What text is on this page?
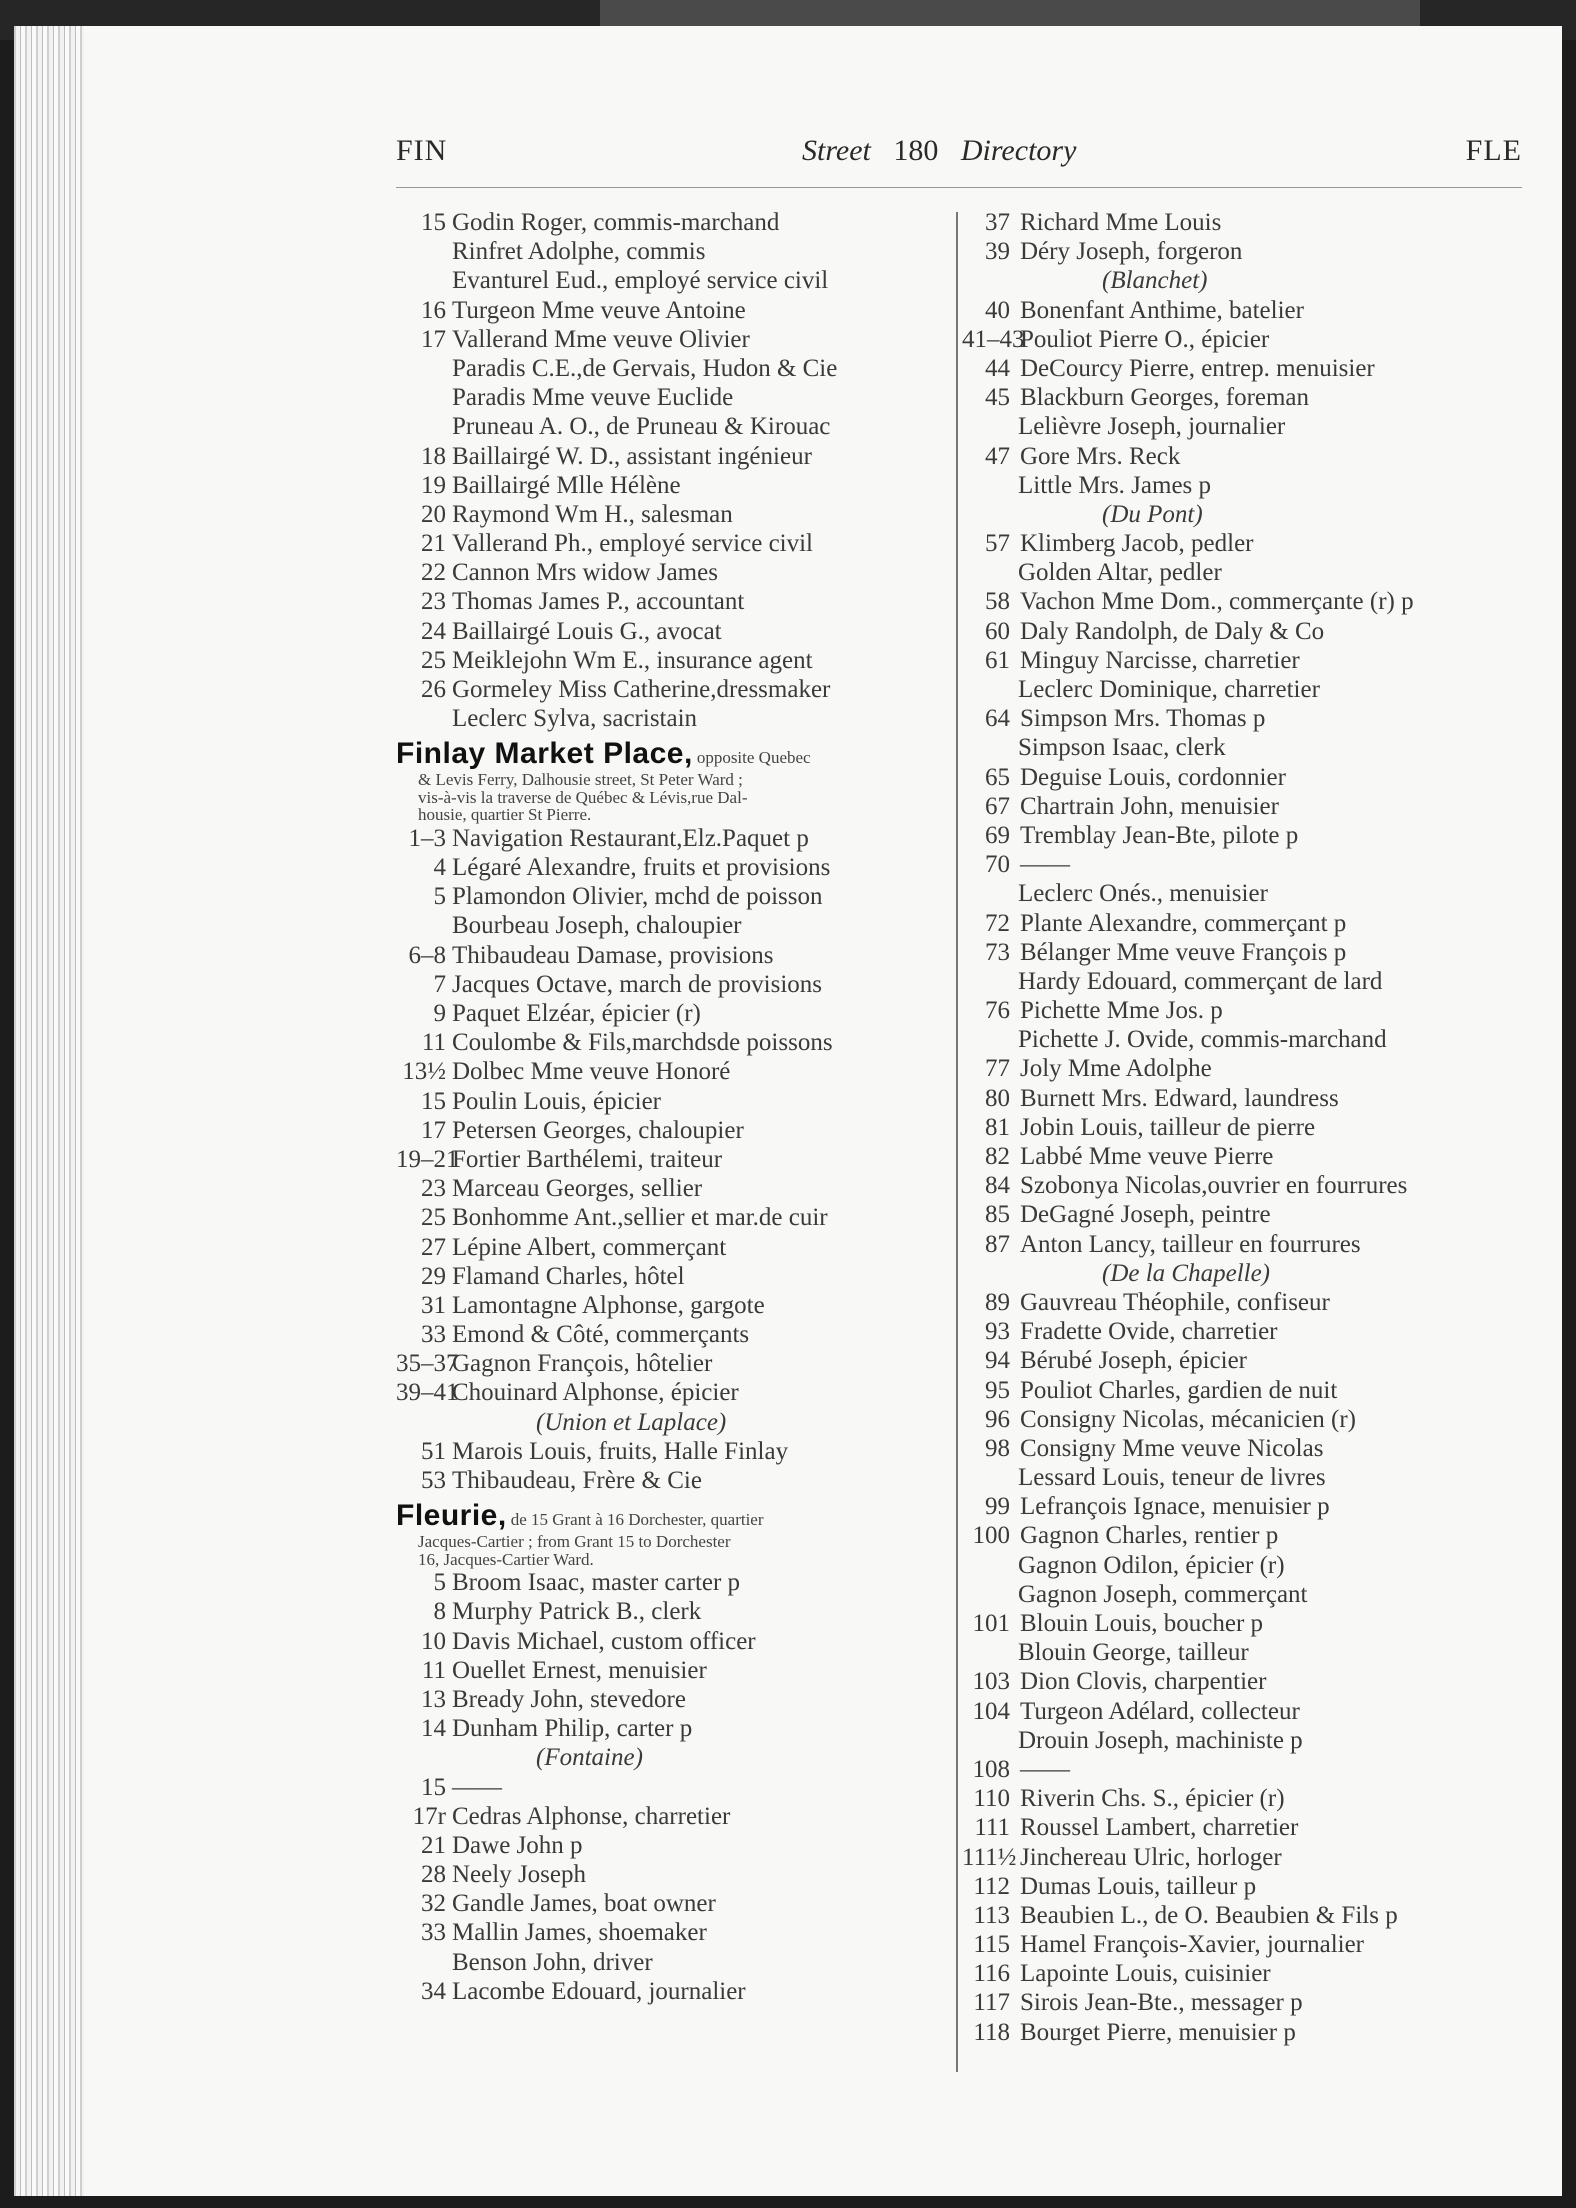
FIN	Street 180 Directory	FLE
15 Godin Roger, commis-marchand
Rinfret Adolphe, commis
Evanturel Eud., employé service civil
16 Turgeon Mme veuve Antoine
17 Vallerand Mme veuve Olivier
Paradis C.E.,de Gervais, Hudon & Cie
Paradis Mme veuve Euclide
Pruneau A. O., de Pruneau & Kirouac
18 Baillairgé W. D., assistant ingénieur
19 Baillairgé Mlle Hélène
20 Raymond Wm H., salesman
21 Vallerand Ph., employé service civil
22 Cannon Mrs widow James
23 Thomas James P., accountant
24 Baillairgé Louis G., avocat
25 Meiklejohn Wm E., insurance agent
26 Gormeley Miss Catherine,dressmaker
Leclerc Sylva, sacristain
Finlay Market Place, opposite Quebec
& Levis Ferry, Dalhousie street, St Peter Ward ;
vis-à-vis la traverse de Québec & Lévis,rue Dal-
housie, quartier St Pierre.
1–3 Navigation Restaurant,Elz.Paquet p
4 Légaré Alexandre, fruits et provisions
5 Plamondon Olivier, mchd de poisson
Bourbeau Joseph, chaloupier
6–8 Thibaudeau Damase, provisions
7 Jacques Octave, march de provisions
9 Paquet Elzéar, épicier (r)
11 Coulombe & Fils,marchdsde poissons
13½ Dolbec Mme veuve Honoré
15 Poulin Louis, épicier
17 Petersen Georges, chaloupier
19–21
Fortier Barthélemi, traiteur
23 Marceau Georges, sellier
25 Bonhomme Ant.,sellier et mar.de cuir
27 Lépine Albert, commerçant
29 Flamand Charles, hôtel
31 Lamontagne Alphonse, gargote
33 Emond & Côté, commerçants
35–37
Gagnon François, hôtelier
39–41
Chouinard Alphonse, épicier
(Union et Laplace)
51 Marois Louis, fruits, Halle Finlay
53 Thibaudeau, Frère & Cie
Fleurie, de 15 Grant à 16 Dorchester, quartier
Jacques-Cartier ; from Grant 15 to Dorchester
16, Jacques-Cartier Ward.
5 Broom Isaac, master carter p
8 Murphy Patrick B., clerk
10 Davis Michael, custom officer
11 Ouellet Ernest, menuisier
13 Bready John, stevedore
14 Dunham Philip, carter p
(Fontaine)
15 ——
17r Cedras Alphonse, charretier
21 Dawe John p
28 Neely Joseph
32 Gandle James, boat owner
33 Mallin James, shoemaker
Benson John, driver
34 Lacombe Edouard, journalier
37 Richard Mme Louis
39 Déry Joseph, forgeron
(Blanchet)
40 Bonenfant Anthime, batelier
41–43
Pouliot Pierre O., épicier
44 DeCourcy Pierre, entrep. menuisier
45 Blackburn Georges, foreman
Lelièvre Joseph, journalier
47 Gore Mrs. Reck
Little Mrs. James p
(Du Pont)
57 Klimberg Jacob, pedler
Golden Altar, pedler
58 Vachon Mme Dom., commerçante (r) p
60 Daly Randolph, de Daly & Co
61 Minguy Narcisse, charretier
Leclerc Dominique, charretier
64 Simpson Mrs. Thomas p
Simpson Isaac, clerk
65 Deguise Louis, cordonnier
67 Chartrain John, menuisier
69 Tremblay Jean-Bte, pilote p
70 ——
Leclerc Onés., menuisier
72 Plante Alexandre, commerçant p
73 Bélanger Mme veuve François p
Hardy Edouard, commerçant de lard
76 Pichette Mme Jos. p
Pichette J. Ovide, commis-marchand
77 Joly Mme Adolphe
80 Burnett Mrs. Edward, laundress
81 Jobin Louis, tailleur de pierre
82 Labbé Mme veuve Pierre
84 Szobonya Nicolas,ouvrier en fourrures
85 DeGagné Joseph, peintre
87 Anton Lancy, tailleur en fourrures
(De la Chapelle)
89 Gauvreau Théophile, confiseur
93 Fradette Ovide, charretier
94 Bérubé Joseph, épicier
95 Pouliot Charles, gardien de nuit
96 Consigny Nicolas, mécanicien (r)
98 Consigny Mme veuve Nicolas
Lessard Louis, teneur de livres
99 Lefrançois Ignace, menuisier p
100 Gagnon Charles, rentier p
Gagnon Odilon, épicier (r)
Gagnon Joseph, commerçant
101 Blouin Louis, boucher p
Blouin George, tailleur
103 Dion Clovis, charpentier
104 Turgeon Adélard, collecteur
Drouin Joseph, machiniste p
108 ——
110 Riverin Chs. S., épicier (r)
111 Roussel Lambert, charretier
111½ Jinchereau Ulric, horloger
112 Dumas Louis, tailleur p
113 Beaubien L., de O. Beaubien & Fils p
115 Hamel François-Xavier, journalier
116 Lapointe Louis, cuisinier
117 Sirois Jean-Bte., messager p
118 Bourget Pierre, menuisier p
